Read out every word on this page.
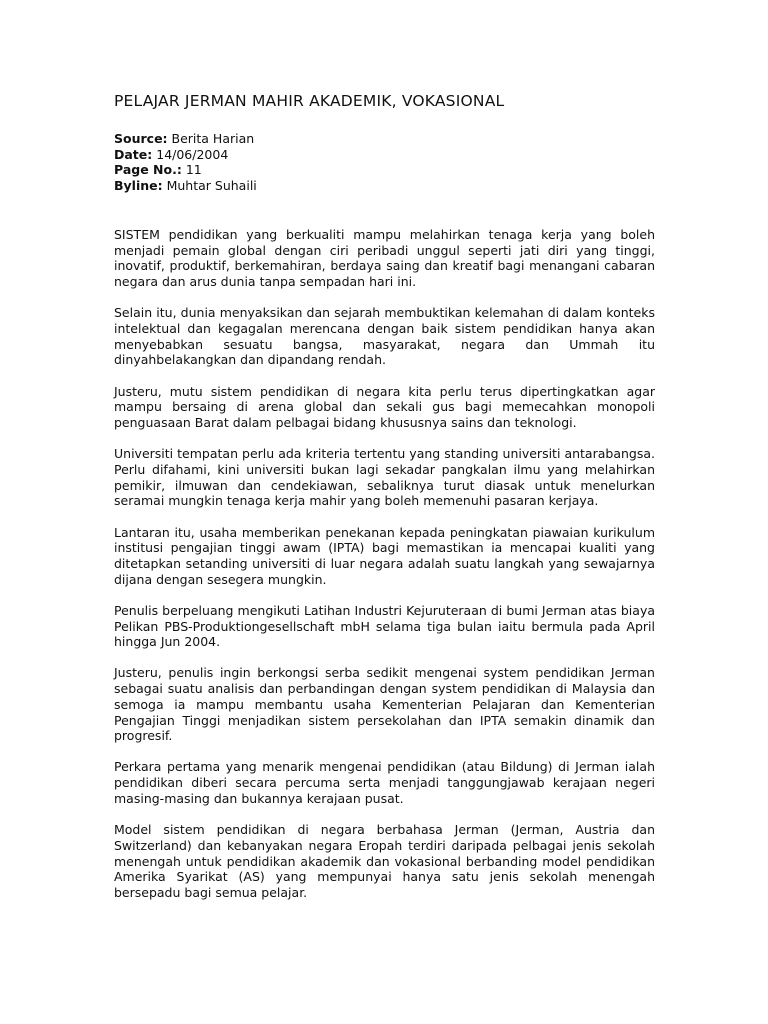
PELAJAR JERMAN MAHIR AKADEMIK, VOKASIONAL
Source: Berita Harian
Date: 14/06/2004
Page No.: 11
Byline: Muhtar Suhaili

SISTEM pendidikan yang berkualiti mampu melahirkan tenaga kerja yang boleh menjadi pemain global dengan ciri peribadi unggul seperti jati diri yang tinggi, inovatif, produktif, berkemahiran, berdaya saing dan kreatif bagi menangani cabaran negara dan arus dunia tanpa sempadan hari ini.

Selain itu, dunia menyaksikan dan sejarah membuktikan kelemahan di dalam konteks intelektual dan kegagalan merencana dengan baik sistem pendidikan hanya akan menyebabkan sesuatu bangsa, masyarakat, negara dan Ummah itu dinyahbelakangkan dan dipandang rendah.

Justeru, mutu sistem pendidikan di negara kita perlu terus dipertingkatkan agar mampu bersaing di arena global dan sekali gus bagi memecahkan monopoli penguasaan Barat dalam pelbagai bidang khususnya sains dan teknologi.

Universiti tempatan perlu ada kriteria tertentu yang standing universiti antarabangsa. Perlu difahami, kini universiti bukan lagi sekadar pangkalan ilmu yang melahirkan pemikir, ilmuwan dan cendekiawan, sebaliknya turut diasak untuk menelurkan seramai mungkin tenaga kerja mahir yang boleh memenuhi pasaran kerjaya.

Lantaran itu, usaha memberikan penekanan kepada peningkatan piawaian kurikulum institusi pengajian tinggi awam (IPTA) bagi memastikan ia mencapai kualiti yang ditetapkan setanding universiti di luar negara adalah suatu langkah yang sewajarnya dijana dengan sesegera mungkin.

Penulis berpeluang mengikuti Latihan Industri Kejuruteraan di bumi Jerman atas biaya Pelikan PBS-Produktiongesellschaft mbH selama tiga bulan iaitu bermula pada April hingga Jun 2004.

Justeru, penulis ingin berkongsi serba sedikit mengenai system pendidikan Jerman sebagai suatu analisis dan perbandingan dengan system pendidikan di Malaysia dan semoga ia mampu membantu usaha Kementerian Pelajaran dan Kementerian Pengajian Tinggi menjadikan sistem persekolahan dan IPTA semakin dinamik dan progresif.

Perkara pertama yang menarik mengenai pendidikan (atau Bildung) di Jerman ialah pendidikan diberi secara percuma serta menjadi tanggungjawab kerajaan negeri masing-masing dan bukannya kerajaan pusat.

Model sistem pendidikan di negara berbahasa Jerman (Jerman, Austria dan Switzerland) dan kebanyakan negara Eropah terdiri daripada pelbagai jenis sekolah menengah untuk pendidikan akademik dan vokasional berbanding model pendidikan Amerika Syarikat (AS) yang mempunyai hanya satu jenis sekolah menengah bersepadu bagi semua pelajar.
